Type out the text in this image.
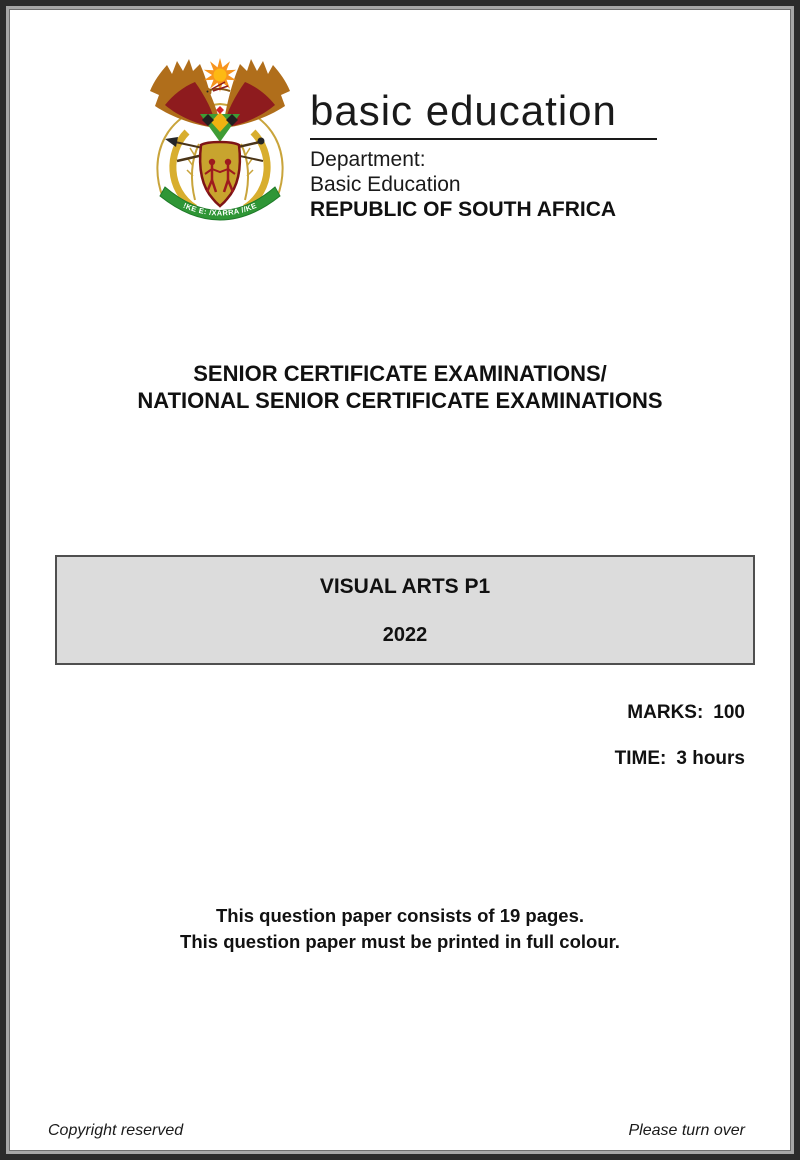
!KE E: /XARRA //KE
basic education
Department:
Basic Education
REPUBLIC OF SOUTH AFRICA
SENIOR CERTIFICATE EXAMINATIONS/
NATIONAL SENIOR CERTIFICATE EXAMINATIONS
VISUAL ARTS P1
2022
MARKS: 100
TIME: 3 hours
This question paper consists of 19 pages.
This question paper must be printed in full colour.
Copyright reserved	Please turn over
